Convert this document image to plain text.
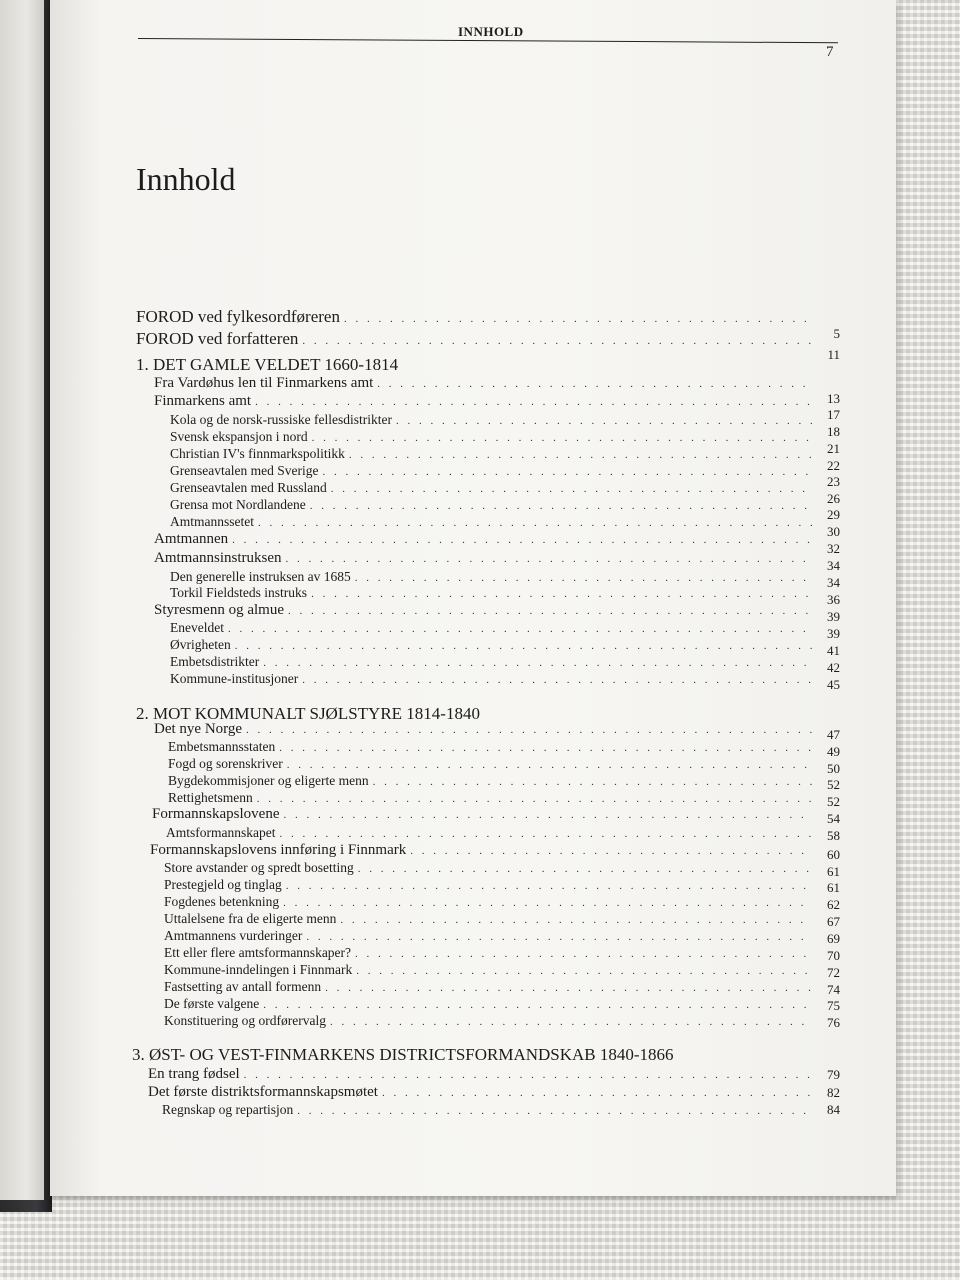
INNHOLD
7
Innhold
FOROD ved fylkesordføreren
. . .
FOROD ved forfatteren
. . .	5
11
1. DET GAMLE VELDET 1660-1814
Fra Vardøhus len til Finmarkens amt
. . .
Finmarkens amt
. . .
Kola og de norsk-russiske fellesdistrikter
. . .
Svensk ekspansjon i nord
. . .
Christian IV's finnmarkspolitikk
. . .
Grenseavtalen med Sverige
. . .
Grenseavtalen med Russland
. . .
Grensa mot Nordlandene
. . .
Amtmannssetet
. . .
Amtmannen
. . .
Amtmannsinstruksen
. . .
Den generelle instruksen av 1685
. . .
Torkil Fieldsteds instruks
. . .
Styresmenn og almue
. . .
Eneveldet
. . .
Øvrigheten
. . .
Embetsdistrikter
. . .
Kommune-institusjoner
. . .
13
17
18
21
22
23
26
29
30
32
34
34
36
39
39
41
42
45
2. MOT KOMMUNALT SJØLSTYRE 1814-1840
Det nye Norge
. . .
Embetsmannsstaten
. . .
Fogd og sorenskriver
. . .
Bygdekommisjoner og eligerte menn
. . .
Rettighetsmenn
. . .
Formannskapslovene
. . .
Amtsformannskapet
. . .
Formannskapslovens innføring i Finnmark
. . .
Store avstander og spredt bosetting
. . .
Prestegjeld og tinglag
. . .
Fogdenes betenkning
. . .
Uttalelsene fra de eligerte menn
. . .
Amtmannens vurderinger
. . .
Ett eller flere amtsformannskaper?
. . .
Kommune-inndelingen i Finnmark
. . .
Fastsetting av antall formenn
. . .
De første valgene
. . .
Konstituering og ordførervalg
. . .
47
49
50
52
52
54
58
60
61
61
62
67
69
70
72
74
75
76
3. ØST- OG VEST-FINMARKENS DISTRICTSFORMANDSKAB 1840-1866
En trang fødsel
. . .
Det første distriktsformannskapsmøtet
. . .
Regnskap og repartisjon
. . .
79
82
84
